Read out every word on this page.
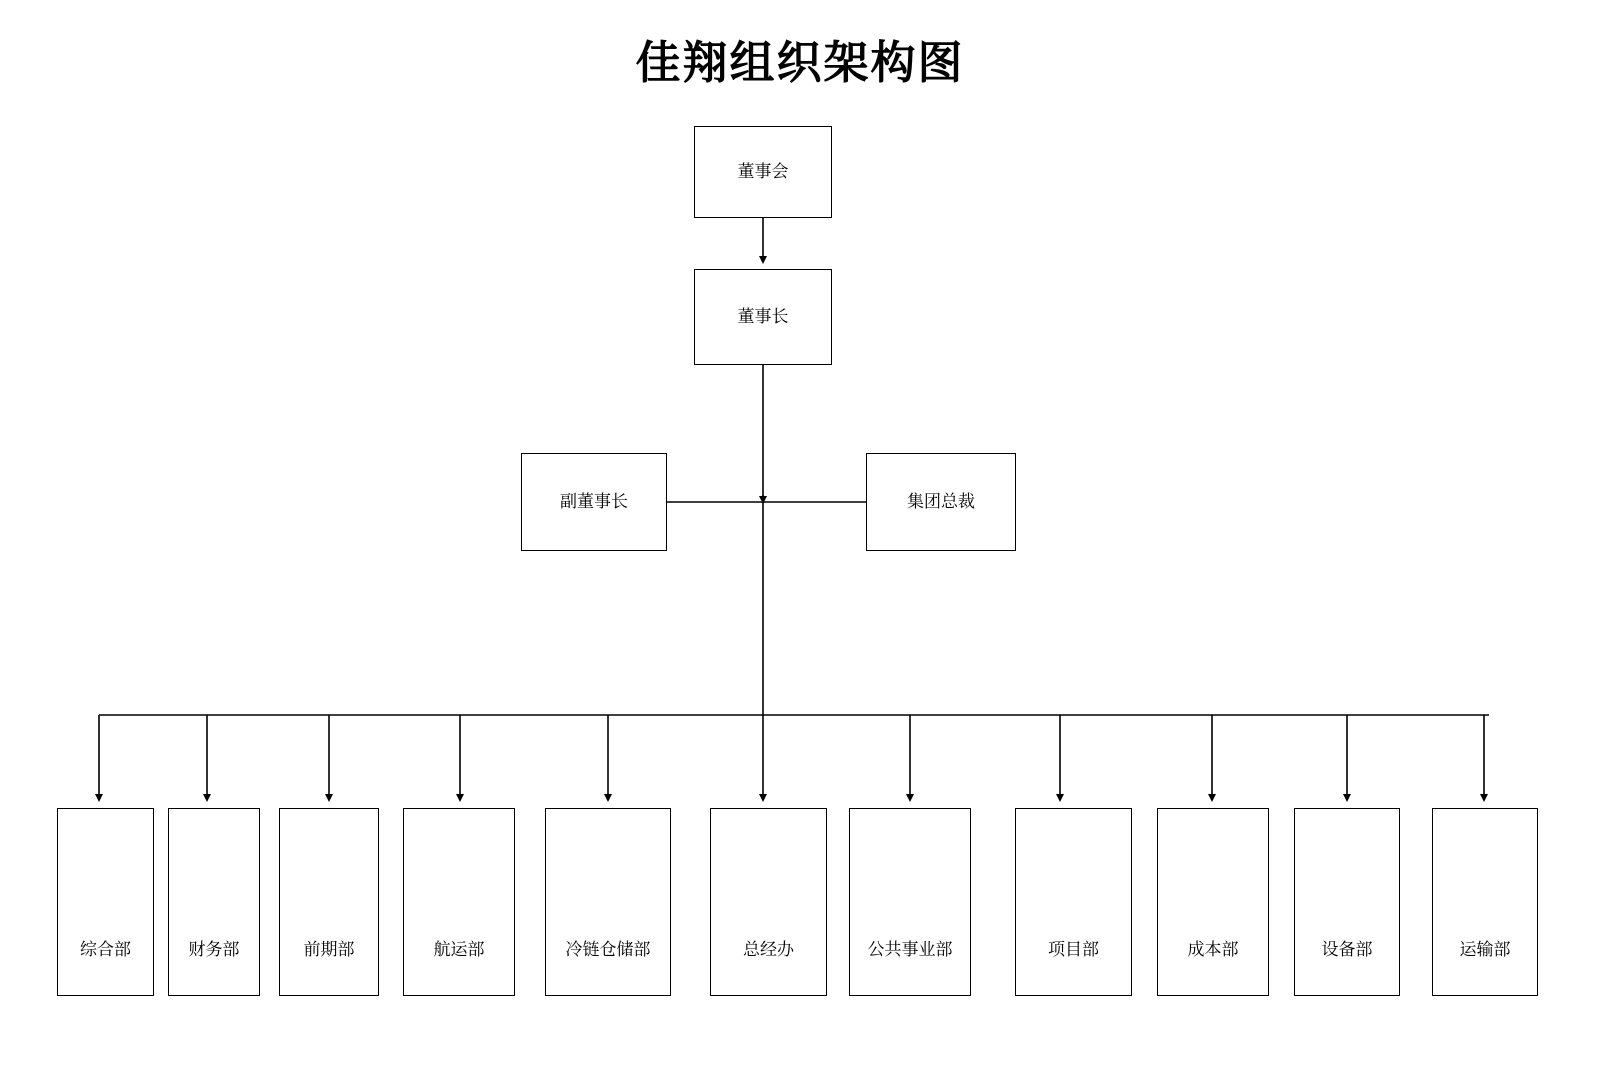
佳翔组织架构图
董事会
董事长
副董事长	集团总裁
综合部	财务部	前期部	航运部	冷链仓储部	总经办	公共事业部	项目部	成本部	设备部	运输部
